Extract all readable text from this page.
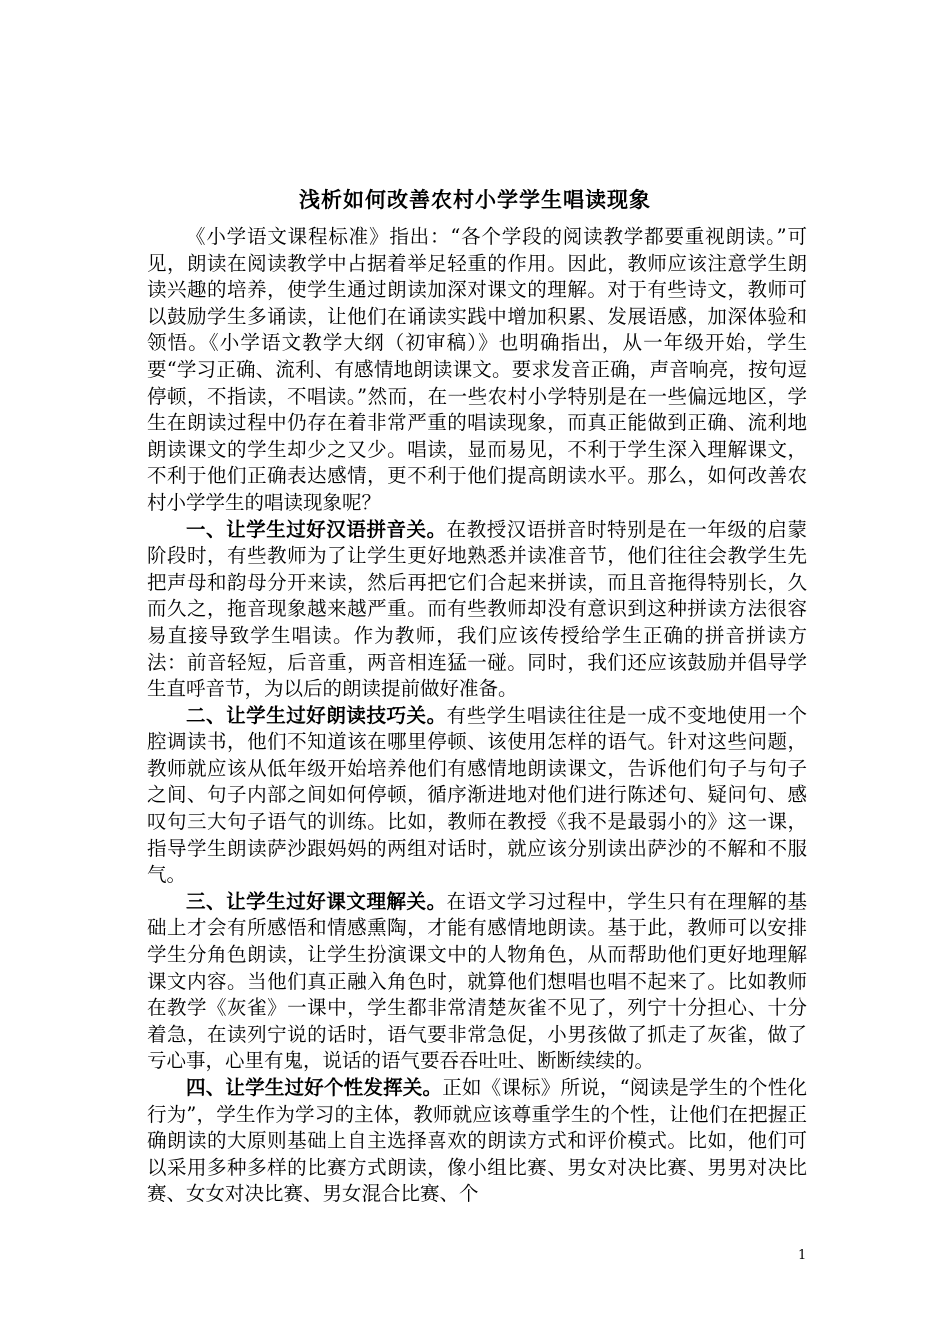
浅析如何改善农村小学学生唱读现象

《小学语文课程标准》指出：“各个学段的阅读教学都要重视朗读。”可见，朗读在阅读教学中占据着举足轻重的作用。因此，教师应该注意学生朗读兴趣的培养，使学生通过朗读加深对课文的理解。对于有些诗文，教师可以鼓励学生多诵读，让他们在诵读实践中增加积累、发展语感，加深体验和领悟。《小学语文教学大纲（初审稿）》也明确指出，从一年级开始，学生要“学习正确、流利、有感情地朗读课文。要求发音正确，声音响亮，按句逗停顿，不指读，不唱读。”然而，在一些农村小学特别是在一些偏远地区，学生在朗读过程中仍存在着非常严重的唱读现象，而真正能做到正确、流利地朗读课文的学生却少之又少。唱读，显而易见，不利于学生深入理解课文，不利于他们正确表达感情，更不利于他们提高朗读水平。那么，如何改善农村小学学生的唱读现象呢？

一、让学生过好汉语拼音关。在教授汉语拼音时特别是在一年级的启蒙阶段时，有些教师为了让学生更好地熟悉并读准音节，他们往往会教学生先把声母和韵母分开来读，然后再把它们合起来拼读，而且音拖得特别长，久而久之，拖音现象越来越严重。而有些教师却没有意识到这种拼读方法很容易直接导致学生唱读。作为教师，我们应该传授给学生正确的拼音拼读方法：前音轻短，后音重，两音相连猛一碰。同时，我们还应该鼓励并倡导学生直呼音节，为以后的朗读提前做好准备。

二、让学生过好朗读技巧关。有些学生唱读往往是一成不变地使用一个腔调读书，他们不知道该在哪里停顿、该使用怎样的语气。针对这些问题，教师就应该从低年级开始培养他们有感情地朗读课文，告诉他们句子与句子之间、句子内部之间如何停顿，循序渐进地对他们进行陈述句、疑问句、感叹句三大句子语气的训练。比如，教师在教授《我不是最弱小的》这一课，指导学生朗读萨沙跟妈妈的两组对话时，就应该分别读出萨沙的不解和不服气。

三、让学生过好课文理解关。在语文学习过程中，学生只有在理解的基础上才会有所感悟和情感熏陶，才能有感情地朗读。基于此，教师可以安排学生分角色朗读，让学生扮演课文中的人物角色，从而帮助他们更好地理解课文内容。当他们真正融入角色时，就算他们想唱也唱不起来了。比如教师在教学《灰雀》一课中，学生都非常清楚灰雀不见了，列宁十分担心、十分着急，在读列宁说的话时，语气要非常急促，小男孩做了抓走了灰雀，做了亏心事，心里有鬼，说话的语气要吞吞吐吐、断断续续的。

四、让学生过好个性发挥关。正如《课标》所说，“阅读是学生的个性化行为”，学生作为学习的主体，教师就应该尊重学生的个性，让他们在把握正确朗读的大原则基础上自主选择喜欢的朗读方式和评价模式。比如，他们可以采用多种多样的比赛方式朗读，像小组比赛、男女对决比赛、男男对决比赛、女女对决比赛、男女混合比赛、个

1
